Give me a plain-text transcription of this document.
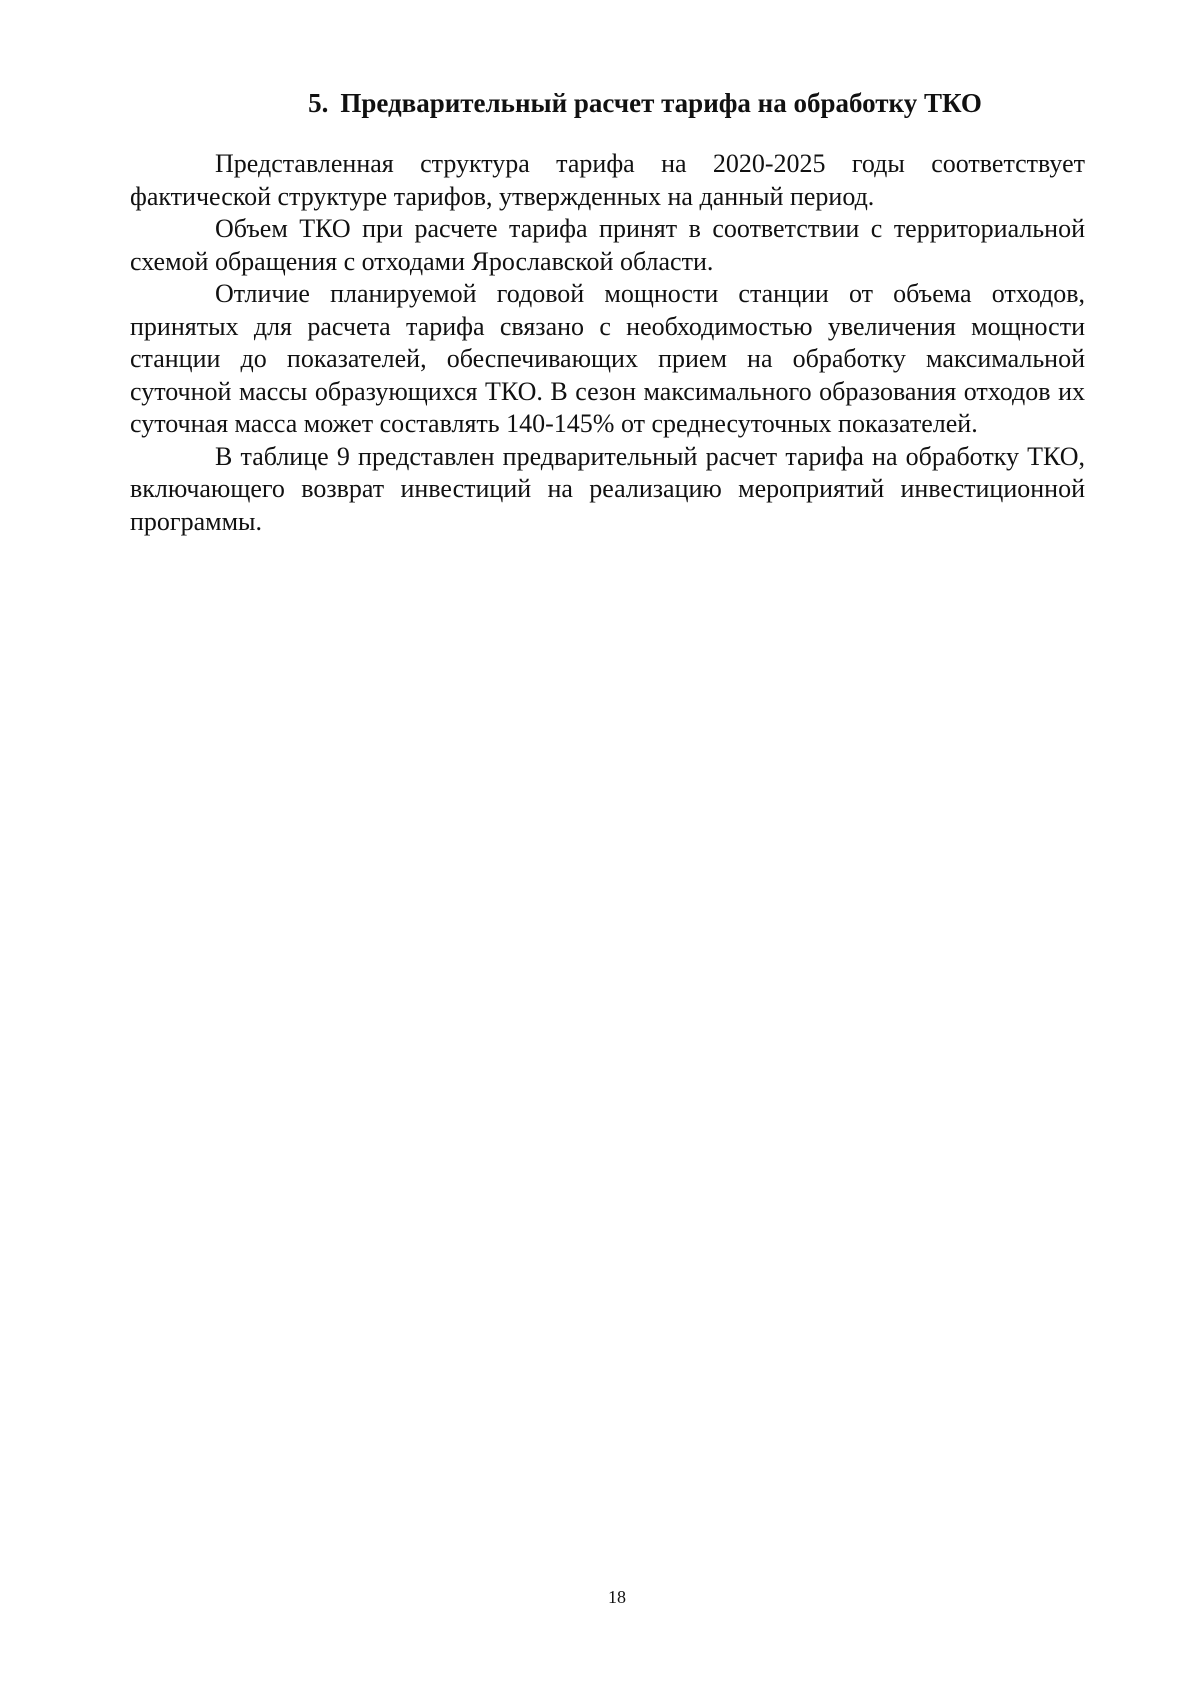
5. Предварительный расчет тарифа на обработку ТКО

Представленная структура тарифа на 2020-2025 годы соответствует фактической структуре тарифов, утвержденных на данный период.

Объем ТКО при расчете тарифа принят в соответствии с территориальной схемой обращения с отходами Ярославской области.

Отличие планируемой годовой мощности станции от объема отходов, принятых для расчета тарифа связано с необходимостью увеличения мощности станции до показателей, обеспечивающих прием на обработку максимальной суточной массы образующихся ТКО. В сезон максимального образования отходов их суточная масса может составлять 140-145% от среднесуточных показателей.

В таблице 9 представлен предварительный расчет тарифа на обработку ТКО, включающего возврат инвестиций на реализацию мероприятий инвестиционной программы.

18
